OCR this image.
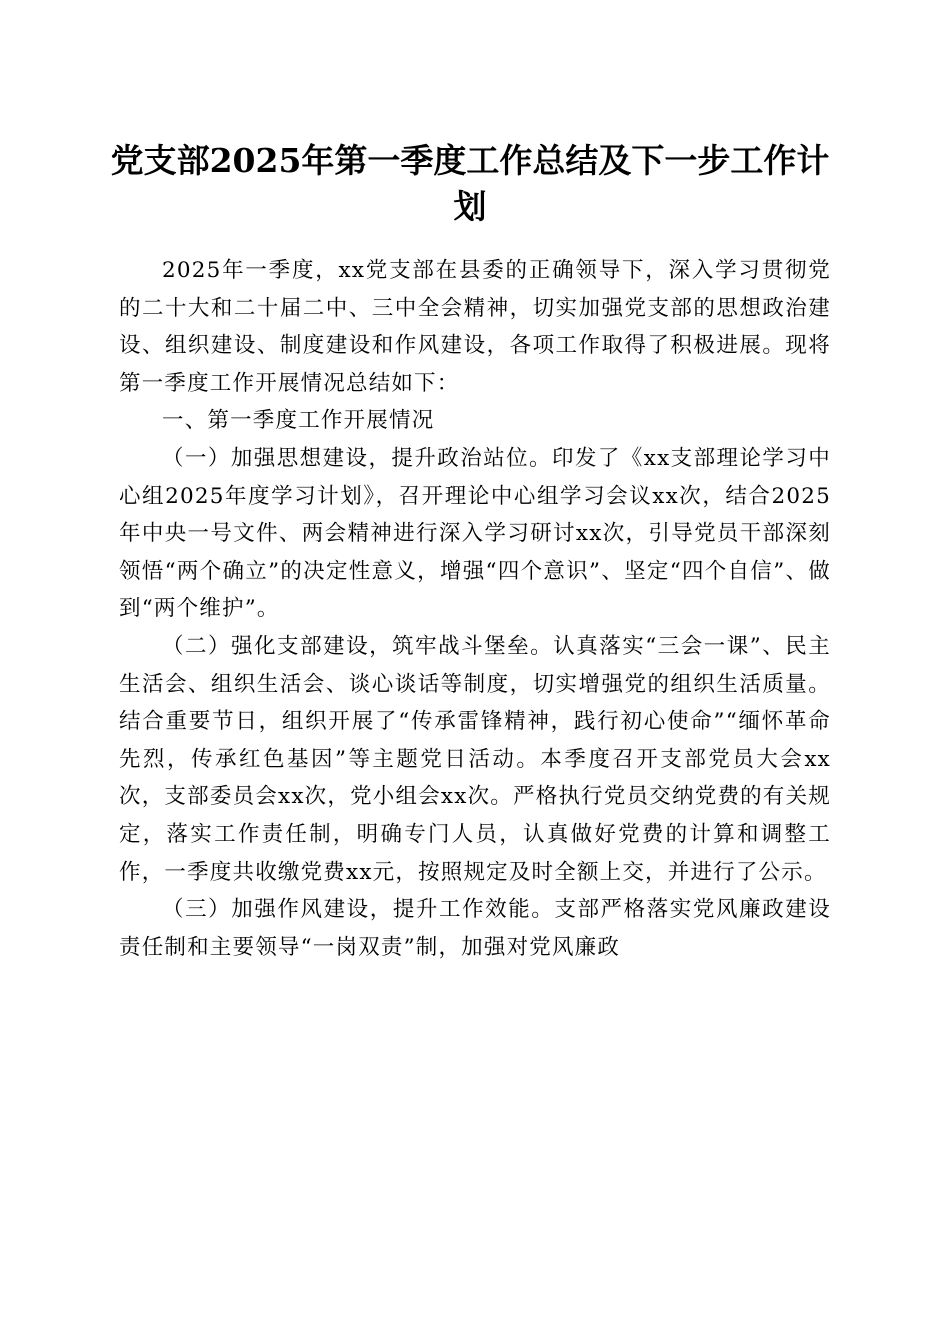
党支部2025年第一季度工作总结及下一步工作计划

2025年一季度，xx党支部在县委的正确领导下，深入学习贯彻党的二十大和二十届二中、三中全会精神，切实加强党支部的思想政治建设、组织建设、制度建设和作风建设，各项工作取得了积极进展。现将第一季度工作开展情况总结如下：

一、第一季度工作开展情况

（一）加强思想建设，提升政治站位。印发了《xx支部理论学习中心组2025年度学习计划》，召开理论中心组学习会议xx次，结合2025年中央一号文件、两会精神进行深入学习研讨xx次，引导党员干部深刻领悟“两个确立”的决定性意义，增强“四个意识”、坚定“四个自信”、做到“两个维护”。

（二）强化支部建设，筑牢战斗堡垒。认真落实“三会一课”、民主生活会、组织生活会、谈心谈话等制度，切实增强党的组织生活质量。结合重要节日，组织开展了“传承雷锋精神，践行初心使命”“缅怀革命先烈，传承红色基因”等主题党日活动。本季度召开支部党员大会xx次，支部委员会xx次，党小组会xx次。严格执行党员交纳党费的有关规定，落实工作责任制，明确专门人员，认真做好党费的计算和调整工作，一季度共收缴党费xx元，按照规定及时全额上交，并进行了公示。

（三）加强作风建设，提升工作效能。支部严格落实党风廉政建设责任制和主要领导“一岗双责”制，加强对党风廉政
